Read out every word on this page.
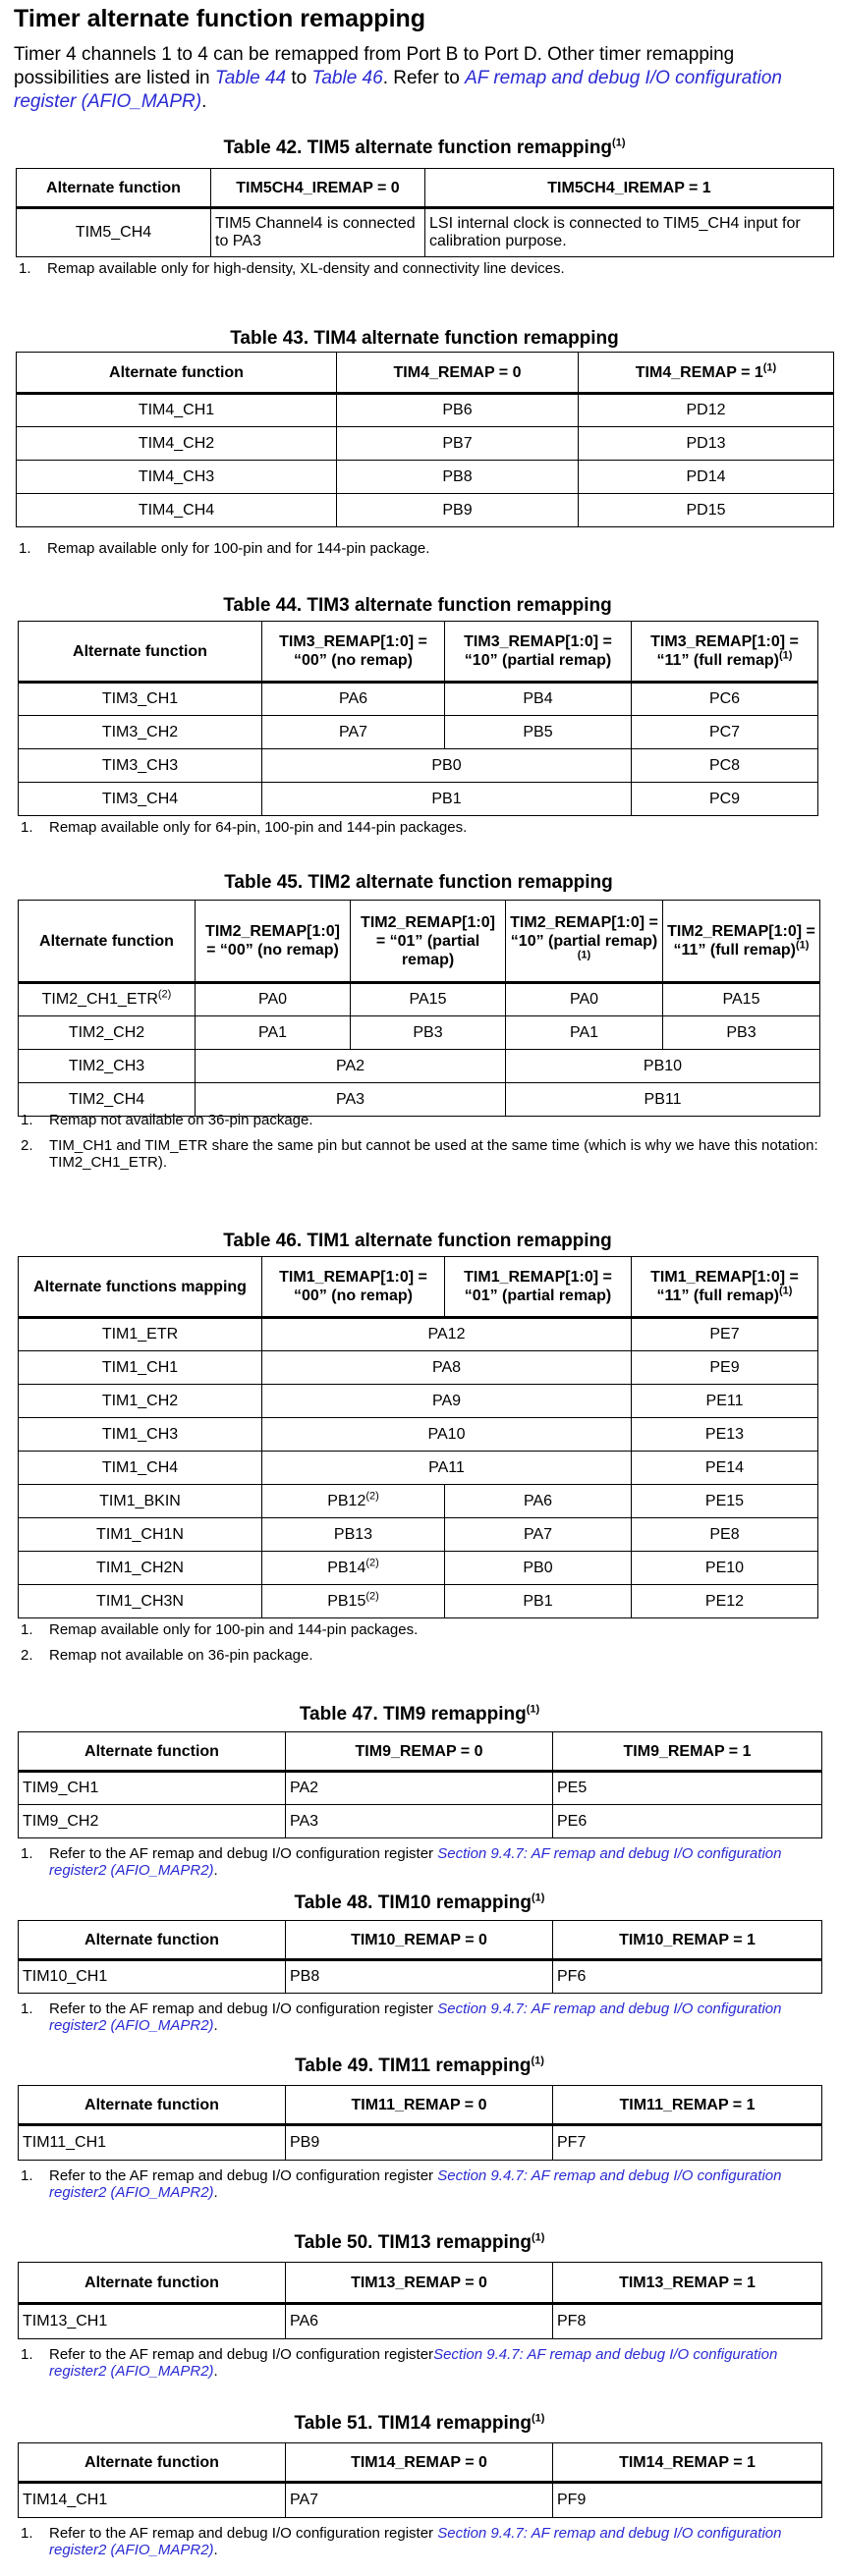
Timer alternate function remapping

Timer 4 channels 1 to 4 can be remapped from Port B to Port D. Other timer remapping possibilities are listed in Table 44 to Table 46. Refer to AF remap and debug I/O configuration register (AFIO_MAPR).

Table 42. TIM5 alternate function remapping$^{(1)}$
Alternate function	TIM5CH4_IREMAP = 0	TIM5CH4_IREMAP = 1
TIM5_CH4	TIM5 Channel4 is connected to PA3	LSI internal clock is connected to TIM5_CH4 input for calibration purpose.
1.	Remap available only for high-density, XL-density and connectivity line devices.
Table 43. TIM4 alternate function remapping
Alternate function	TIM4_REMAP = 0	TIM4_REMAP = $1^{(1)}$
TIM4_CH1	PB6	PD12
TIM4_CH2	PB7	PD13
TIM4_CH3	PB8	PD14
TIM4_CH4	PB9	PD15
1.	Remap available only for 100-pin and for 144-pin package.
Table 44. TIM3 alternate function remapping
Alternate function	TIM3_REMAP[1:0] = “00” (no remap)	TIM3_REMAP[1:0] = “10” (partial remap)	TIM3_REMAP[1:0] = “11” (full remap)$^{(1)}$
TIM3_CH1	PA6	PB4	PC6
TIM3_CH2	PA7	PB5	PC7
TIM3_CH3	PB0		PC8
TIM3_CH4	PB1		PC9
1.	Remap available only for 64-pin, 100-pin and 144-pin packages.
Table 45. TIM2 alternate function remapping
Alternate function	TIM2_REMAP[1:0] = “00” (no remap)	TIM2_REMAP[1:0] = “01” (partial remap)	TIM2_REMAP[1:0] = “10” (partial remap)$^{(1)}$	TIM2_REMAP[1:0] = “11” (full remap)$^{(1)}$
TIM2_CH1_ETR$^{(2)}$	PA0	PA15	PA0	PA15
TIM2_CH2	PA1	PB3	PA1	PB3
TIM2_CH3	PA2		PB10	
TIM2_CH4	PA3		PB11	
1.	Remap not available on 36-pin package.
2.	TIM_CH1 and TIM_ETR share the same pin but cannot be used at the same time (which is why we have this notation: TIM2_CH1_ETR).
Table 46. TIM1 alternate function remapping
Alternate functions mapping	TIM1_REMAP[1:0] = “00” (no remap)	TIM1_REMAP[1:0] = “01” (partial remap)	TIM1_REMAP[1:0] = “11” (full remap)$^{(1)}$
TIM1_ETR	PA12		PE7
TIM1_CH1	PA8		PE9
TIM1_CH2	PA9		PE11
TIM1_CH3	PA10		PE13
TIM1_CH4	PA11		PE14
TIM1_BKIN	PB12$^{(2)}$	PA6	PE15
TIM1_CH1N	PB13	PA7	PE8
TIM1_CH2N	PB14$^{(2)}$	PB0	PE10
TIM1_CH3N	PB15$^{(2)}$	PB1	PE12
1.	Remap available only for 100-pin and 144-pin packages.
2.	Remap not available on 36-pin package.
Table 47. TIM9 remapping$^{(1)}$
Alternate function	TIM9_REMAP = 0	TIM9_REMAP = 1
TIM9_CH1	PA2	PE5
TIM9_CH2	PA3	PE6
1.	Refer to the AF remap and debug I/O configuration register Section 9.4.7: AF remap and debug I/O configuration register2 (AFIO_MAPR2).
Table 48. TIM10 remapping$^{(1)}$
Alternate function	TIM10_REMAP = 0	TIM10_REMAP = 1
TIM10_CH1	PB8	PF6
1.	Refer to the AF remap and debug I/O configuration register Section 9.4.7: AF remap and debug I/O configuration register2 (AFIO_MAPR2).
Table 49. TIM11 remapping$^{(1)}$
Alternate function	TIM11_REMAP = 0	TIM11_REMAP = 1
TIM11_CH1	PB9	PF7
1.	Refer to the AF remap and debug I/O configuration register Section 9.4.7: AF remap and debug I/O configuration register2 (AFIO_MAPR2).
Table 50. TIM13 remapping$^{(1)}$
Alternate function	TIM13_REMAP = 0	TIM13_REMAP = 1
TIM13_CH1	PA6	PF8
1.	Refer to the AF remap and debug I/O configuration registerSection 9.4.7: AF remap and debug I/O configuration register2 (AFIO_MAPR2).
Table 51. TIM14 remapping$^{(1)}$
Alternate function	TIM14_REMAP = 0	TIM14_REMAP = 1
TIM14_CH1	PA7	PF9
1.	Refer to the AF remap and debug I/O configuration register Section 9.4.7: AF remap and debug I/O configuration register2 (AFIO_MAPR2).
